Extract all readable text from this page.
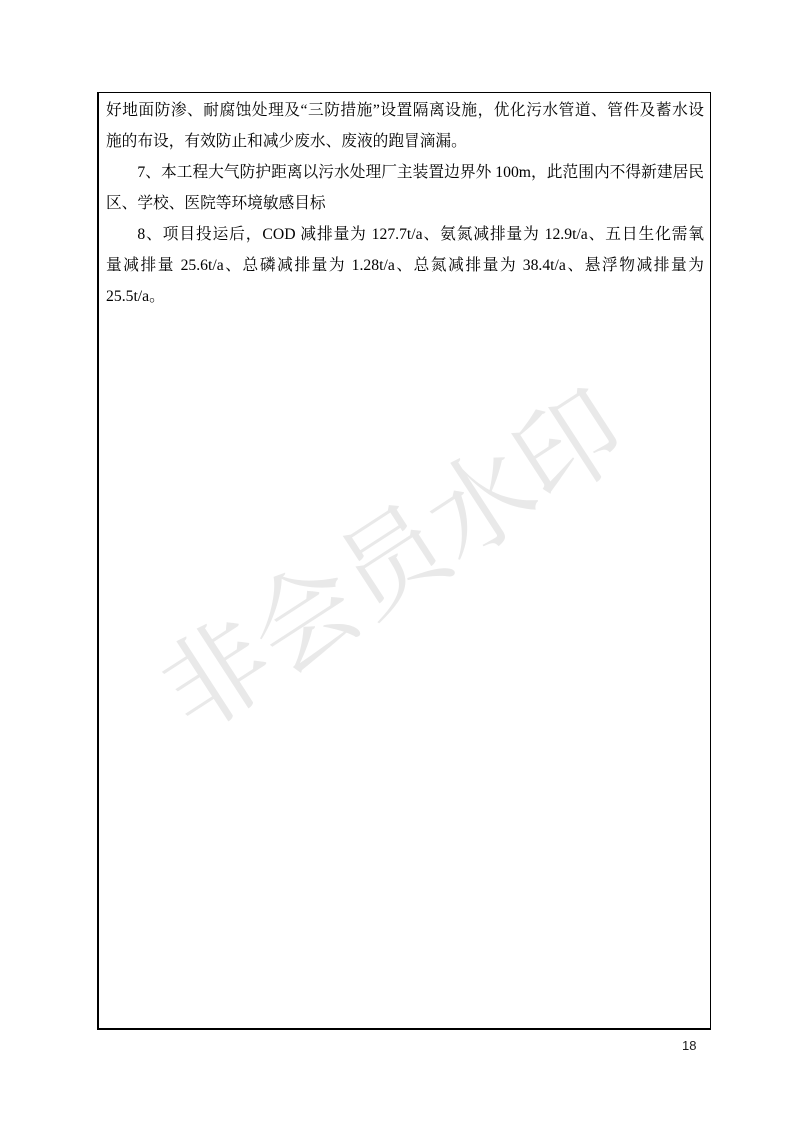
非会员水印
好地面防渗、耐腐蚀处理及“三防措施”设置隔离设施，优化污水管道、管件及蓄水设
施的布设，有效防止和减少废水、废液的跑冒滴漏。
7、本工程大气防护距离以污水处理厂主装置边界外 100m，此范围内不得新建居民
区、学校、医院等环境敏感目标
8、项目投运后，COD 减排量为 127.7t/a、氨氮减排量为 12.9t/a、五日生化需氧
量减排量 25.6t/a、总磷减排量为 1.28t/a、总氮减排量为 38.4t/a、悬浮物减排量为
25.5t/a。
18
